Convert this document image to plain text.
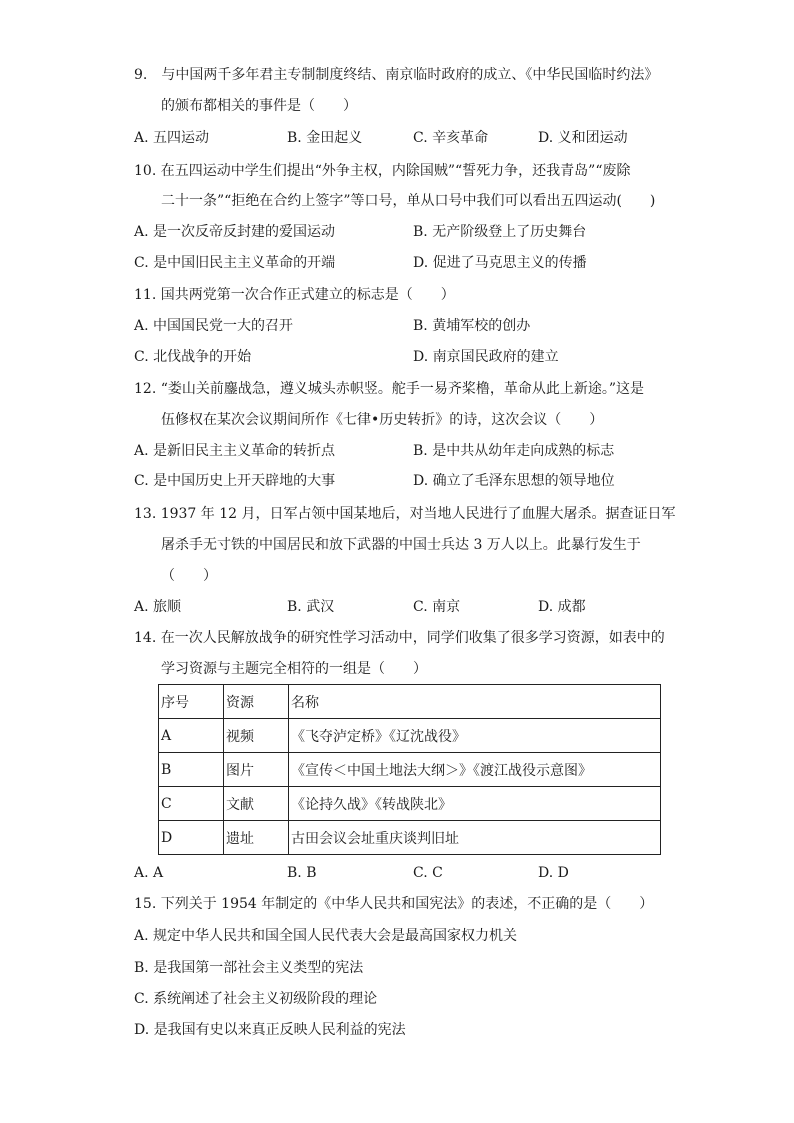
9.　与中国两千多年君主专制制度终结、南京临时政府的成立、《中华民国临时约法》
的颁布都相关的事件是（　　）
A. 五四运动	B. 金田起义	C. 辛亥革命	D. 义和团运动
10. 在五四运动中学生们提出“外争主权，内除国贼”“誓死力争，还我青岛”“废除
二十一条”“拒绝在合约上签字”等口号，单从口号中我们可以看出五四运动(　　)
A. 是一次反帝反封建的爱国运动	B. 无产阶级登上了历史舞台
C. 是中国旧民主主义革命的开端	D. 促进了马克思主义的传播
11. 国共两党第一次合作正式建立的标志是（　　）
A. 中国国民党一大的召开	B. 黄埔军校的创办
C. 北伐战争的开始	D. 南京国民政府的建立
12. “娄山关前鏖战急，遵义城头赤帜竖。舵手一易齐桨橹，革命从此上新途。”这是
伍修权在某次会议期间所作《七律•历史转折》的诗，这次会议（　　）
A. 是新旧民主主义革命的转折点	B. 是中共从幼年走向成熟的标志
C. 是中国历史上开天辟地的大事	D. 确立了毛泽东思想的领导地位
13. 1937 年 12 月，日军占领中国某地后，对当地人民进行了血腥大屠杀。据查证日军
屠杀手无寸铁的中国居民和放下武器的中国士兵达 3 万人以上。此暴行发生于
（　　）
A. 旅顺	B. 武汉	C. 南京	D. 成都
14. 在一次人民解放战争的研究性学习活动中，同学们收集了很多学习资源，如表中的
学习资源与主题完全相符的一组是（　　）
序号	资源	名称
A	视频	《飞夺泸定桥》《辽沈战役》
B	图片	《宣传＜中国土地法大纲＞》《渡江战役示意图》
C	文献	《论持久战》《转战陕北》
D	遗址	古田会议会址重庆谈判旧址
A. A	B. B	C. C	D. D
15. 下列关于 1954 年制定的《中华人民共和国宪法》的表述，不正确的是（　　）
A. 规定中华人民共和国全国人民代表大会是最高国家权力机关
B. 是我国第一部社会主义类型的宪法
C. 系统阐述了社会主义初级阶段的理论
D. 是我国有史以来真正反映人民利益的宪法
